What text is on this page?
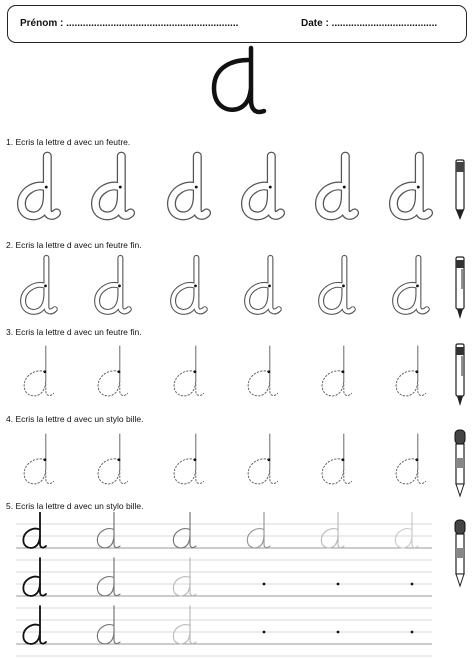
Prénom : ..............................................................	Date : ......................................
1. Ecris la lettre d avec un feutre.
2. Ecris la lettre d avec un feutre fin.
3. Ecris la lettre d avec un feutre fin.
4. Ecris la lettre d avec un stylo bille.
5. Ecris la lettre d avec un stylo bille.
